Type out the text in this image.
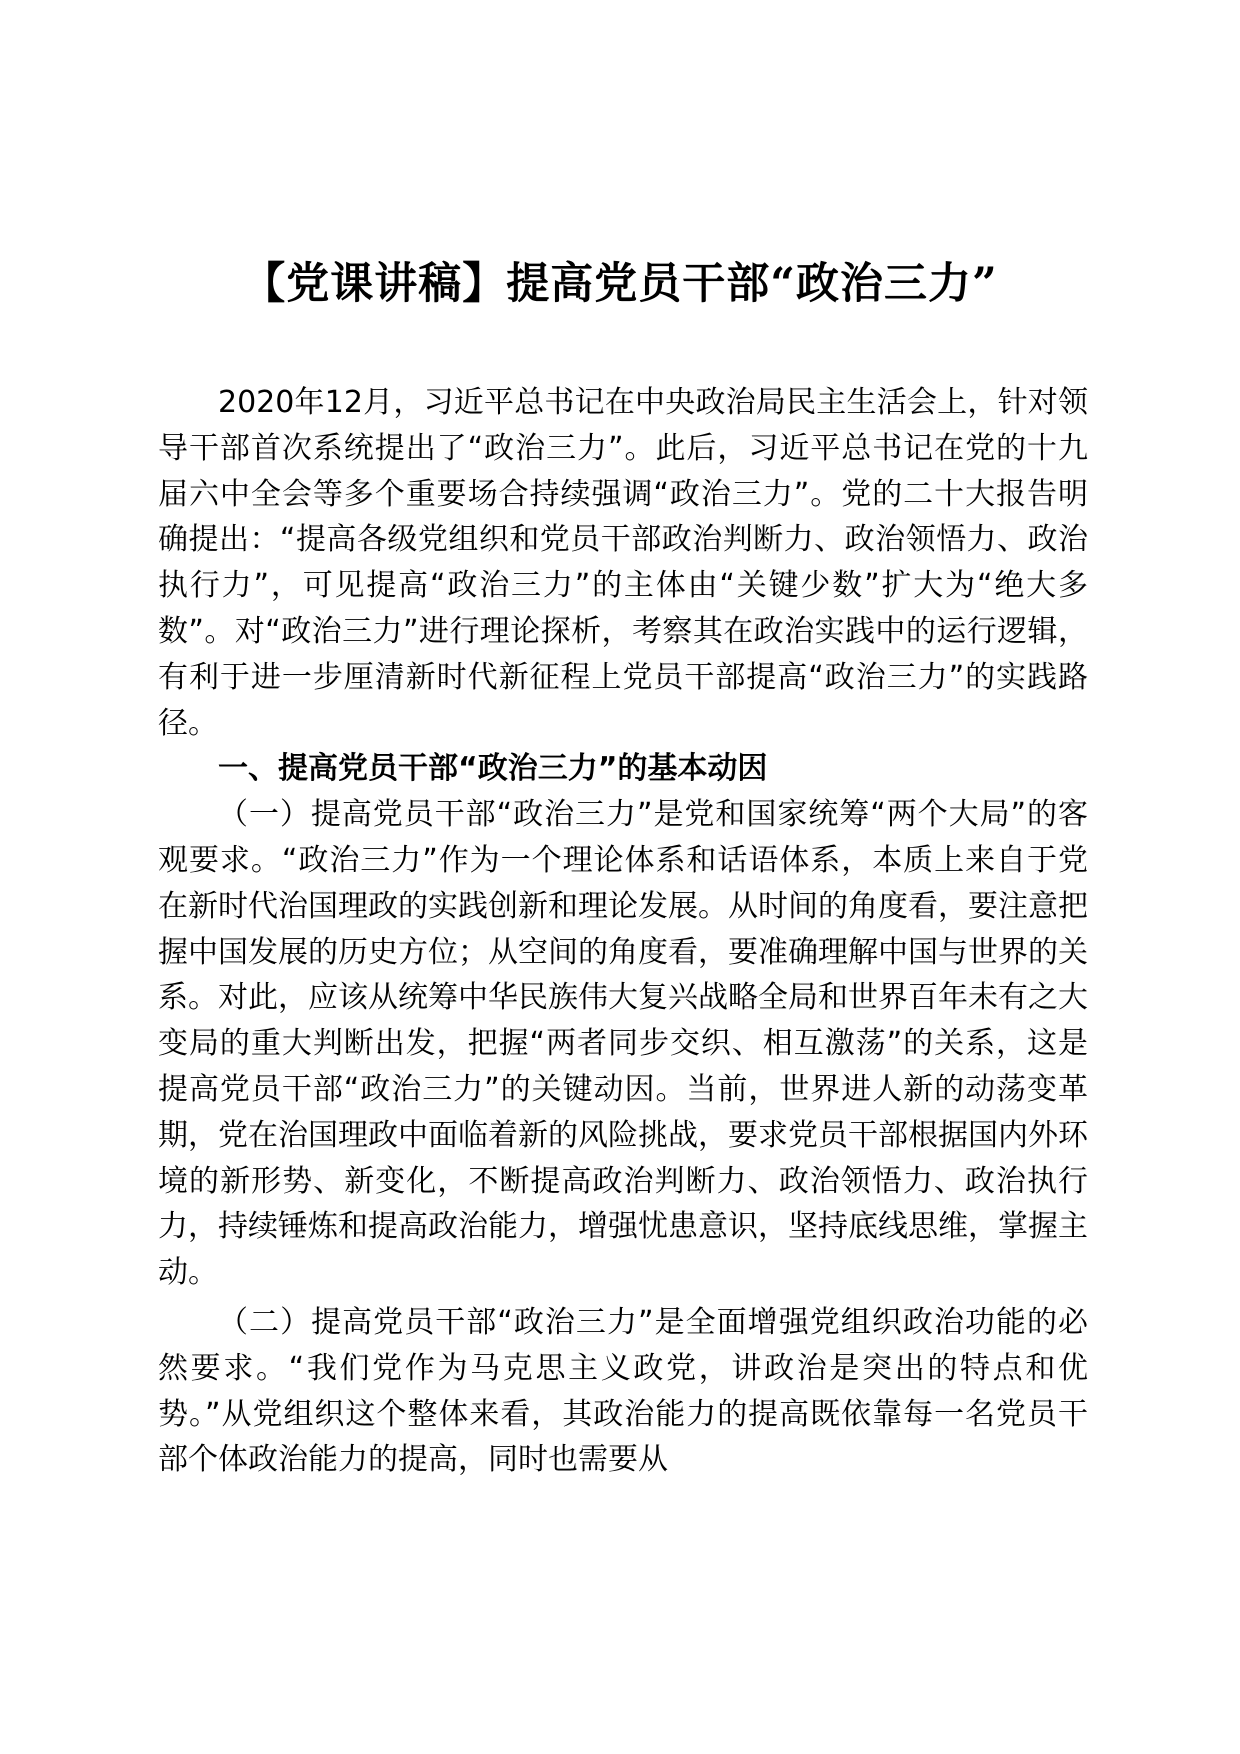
【党课讲稿】提高党员干部“政治三力”

2020年12月，习近平总书记在中央政治局民主生活会上，针对领导干部首次系统提出了“政治三力”。此后，习近平总书记在党的十九届六中全会等多个重要场合持续强调“政治三力”。党的二十大报告明确提出：“提高各级党组织和党员干部政治判断力、政治领悟力、政治执行力”，可见提高“政治三力”的主体由“关键少数”扩大为“绝大多数”。对“政治三力”进行理论探析，考察其在政治实践中的运行逻辑，有利于进一步厘清新时代新征程上党员干部提高“政治三力”的实践路径。

一、提高党员干部“政治三力”的基本动因

（一）提高党员干部“政治三力”是党和国家统筹“两个大局”的客观要求。“政治三力”作为一个理论体系和话语体系，本质上来自于党在新时代治国理政的实践创新和理论发展。从时间的角度看，要注意把握中国发展的历史方位；从空间的角度看，要准确理解中国与世界的关系。对此，应该从统筹中华民族伟大复兴战略全局和世界百年未有之大变局的重大判断出发，把握“两者同步交织、相互激荡”的关系，这是提高党员干部“政治三力”的关键动因。当前，世界进人新的动荡变革期，党在治国理政中面临着新的风险挑战，要求党员干部根据国内外环境的新形势、新变化，不断提高政治判断力、政治领悟力、政治执行力，持续锤炼和提高政治能力，增强忧患意识，坚持底线思维，掌握主动。

（二）提高党员干部“政治三力”是全面增强党组织政治功能的必然要求。“我们党作为马克思主义政党，讲政治是突出的特点和优势。”从党组织这个整体来看，其政治能力的提高既依靠每一名党员干部个体政治能力的提高，同时也需要从
